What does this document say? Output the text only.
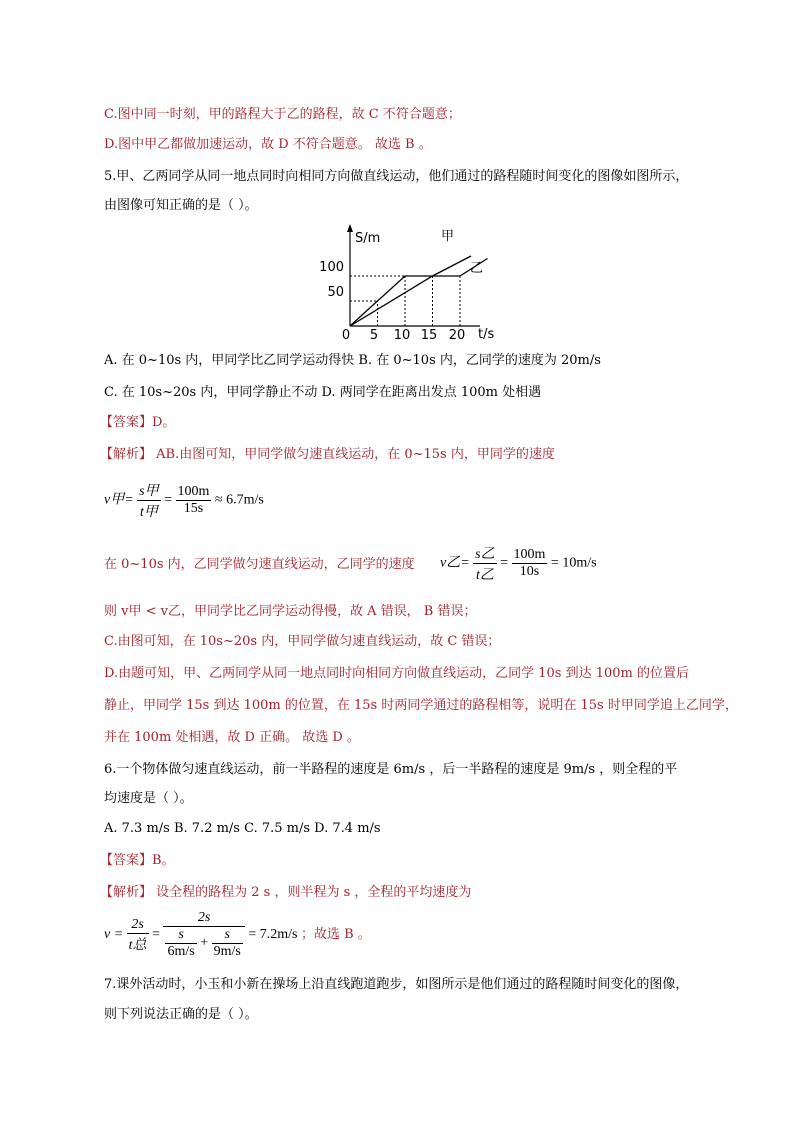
C.图中同一时刻，甲的路程大于乙的路程，故 C 不符合题意；
D.图中甲乙都做加速运动，故 D 不符合题意。 故选 B 。
5.甲、乙两同学从同一地点同时向相同方向做直线运动，他们通过的路程随时间变化的图像如图所示，
由图像可知正确的是（ ）。
S/m
t/s
0 5 10 15 20
50
100
甲
乙
A. 在 0~10s 内，甲同学比乙同学运动得快 B. 在 0~10s 内，乙同学的速度为 20m/s
C. 在 10s~20s 内，甲同学静止不动 D. 两同学在距离出发点 100m 处相遇
【答案】D。
【解析】 AB.由图可知，甲同学做匀速直线运动，在 0~15s 内，甲同学的速度
v甲= $\frac{\text{s甲}}{\text{t甲}} = \frac{100m}{15s} \approx 6.7m/s$
在 0~10s 内，乙同学做匀速直线运动，乙同学的速度 v乙= $\frac{\text{s乙}}{\text{t乙}} = \frac{100m}{10s} = 10m/s$
则 v甲 < v乙，甲同学比乙同学运动得慢，故 A 错误， B 错误；
C.由图可知，在 10s~20s 内，甲同学做匀速直线运动，故 C 错误；
D.由题可知，甲、乙两同学从同一地点同时向相同方向做直线运动，乙同学 10s 到达 100m 的位置后
静止，甲同学 15s 到达 100m 的位置，在 15s 时两同学通过的路程相等，说明在 15s 时甲同学追上乙同学，
并在 100m 处相遇，故 D 正确。 故选 D 。
6.一个物体做匀速直线运动，前一半路程的速度是 6m/s ，后一半路程的速度是 9m/s ，则全程的平
均速度是（ ）。
A. 7.3 m/s B. 7.2 m/s C. 7.5 m/s D. 7.4 m/s
【答案】B。
【解析】 设全程的路程为 2 s ，则半程为 s ，全程的平均速度为
$v = \frac{2s}{\text{t总}} = \frac{2s}{\frac{s}{6m/s} + \frac{s}{9m/s}} = 7.2m/s$ ；故选 B 。
7.课外活动时，小玉和小新在操场上沿直线跑道跑步，如图所示是他们通过的路程随时间变化的图像，
则下列说法正确的是（ ）。
